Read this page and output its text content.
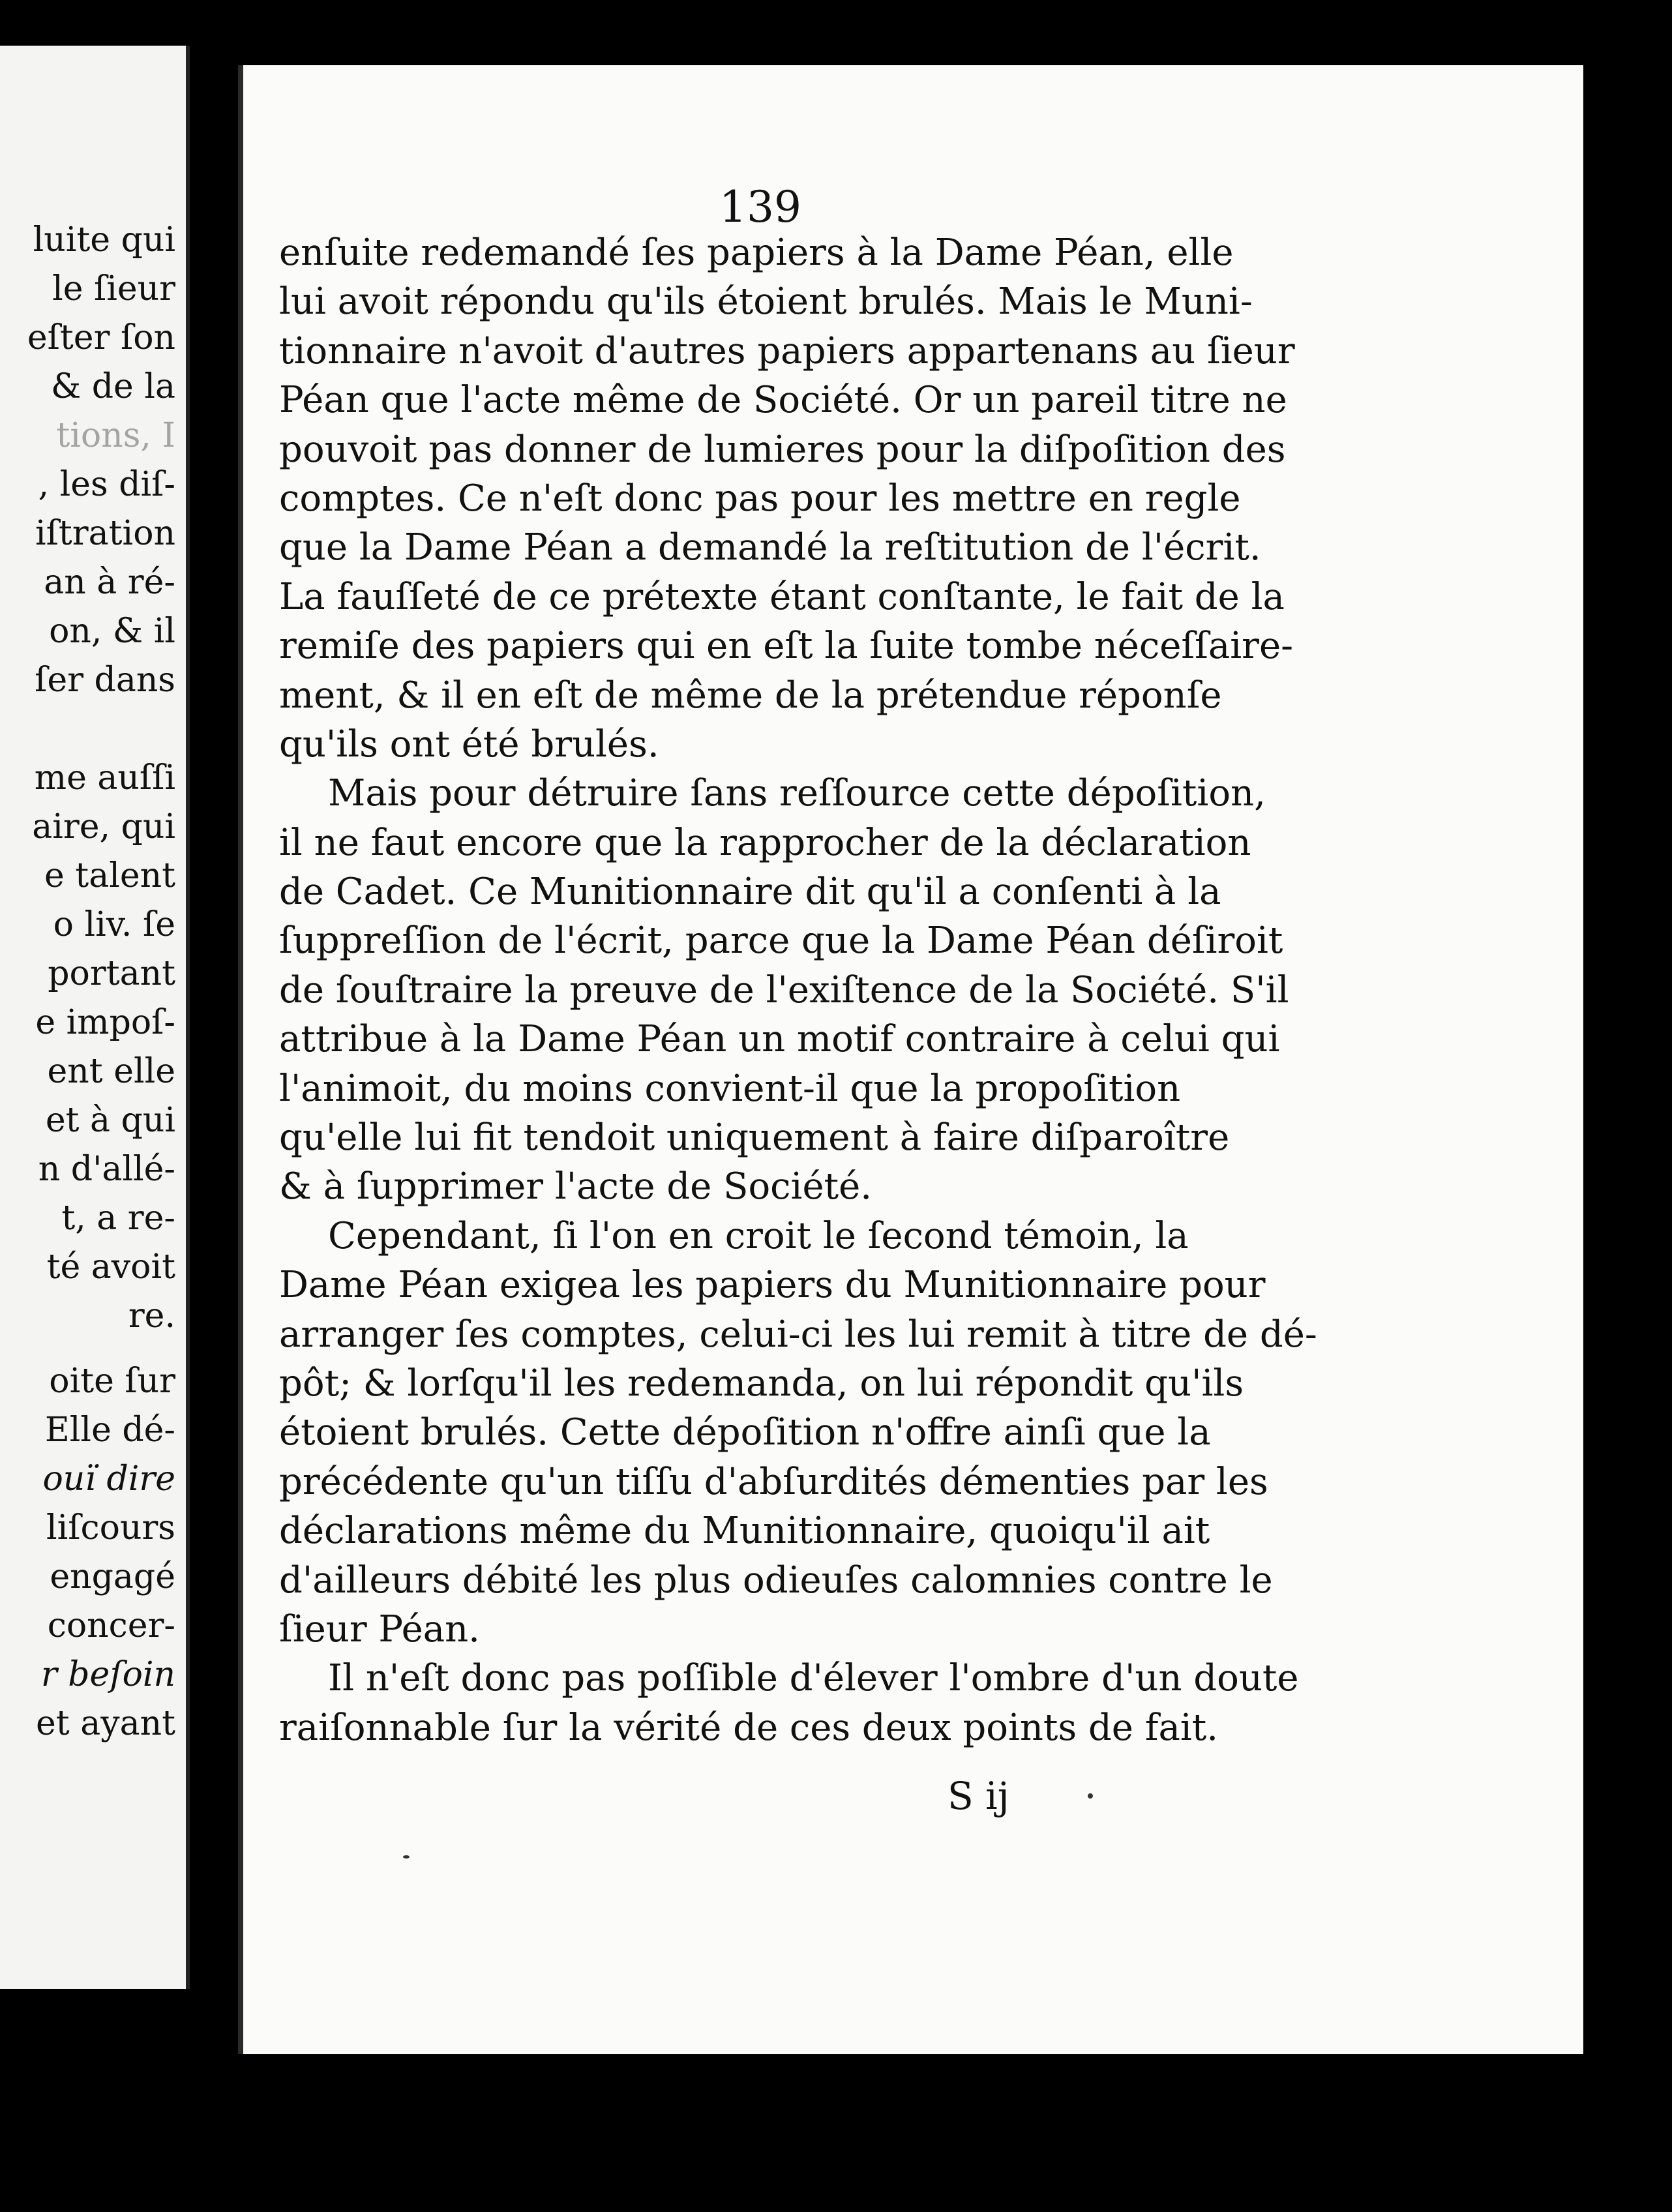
luite qui
le ſieur
eſter ſon
& de la
tions, I
, les diſ-
iſtration
an à ré-
on, & il
ſer dans
me auſſi
aire, qui
e talent
o liv. ſe
portant
e impoſ-
ent elle
et à qui
n d'allé-
t, a re-
té avoit
re.
oite ſur
Elle dé-
ouï dire
liſcours
engagé
concer-
r beſoin
et ayant
139
enſuite redemandé ſes papiers à la Dame Péan, elle
lui avoit répondu qu'ils étoient brulés. Mais le Muni-
tionnaire n'avoit d'autres papiers appartenans au ſieur
Péan que l'acte même de Société. Or un pareil titre ne
pouvoit pas donner de lumieres pour la diſpoſition des
comptes. Ce n'eſt donc pas pour les mettre en regle
que la Dame Péan a demandé la reſtitution de l'écrit.
La fauſſeté de ce prétexte étant conſtante, le fait de la
remiſe des papiers qui en eſt la ſuite tombe néceſſaire-
ment, & il en eſt de même de la prétendue réponſe
qu'ils ont été brulés.
Mais pour détruire ſans reſſource cette dépoſition,
il ne faut encore que la rapprocher de la déclaration
de Cadet. Ce Munitionnaire dit qu'il a conſenti à la
ſuppreſſion de l'écrit, parce que la Dame Péan déſiroit
de ſouſtraire la preuve de l'exiſtence de la Société. S'il
attribue à la Dame Péan un motif contraire à celui qui
l'animoit, du moins convient-il que la propoſition
qu'elle lui fit tendoit uniquement à faire diſparoître
& à ſupprimer l'acte de Société.
Cependant, ſi l'on en croit le ſecond témoin, la
Dame Péan exigea les papiers du Munitionnaire pour
arranger ſes comptes, celui-ci les lui remit à titre de dé-
pôt; & lorſqu'il les redemanda, on lui répondit qu'ils
étoient brulés. Cette dépoſition n'offre ainſi que la
précédente qu'un tiſſu d'abſurdités démenties par les
déclarations même du Munitionnaire, quoiqu'il ait
d'ailleurs débité les plus odieuſes calomnies contre le
ſieur Péan.
Il n'eſt donc pas poſſible d'élever l'ombre d'un doute
raiſonnable ſur la vérité de ces deux points de fait.
S ij
